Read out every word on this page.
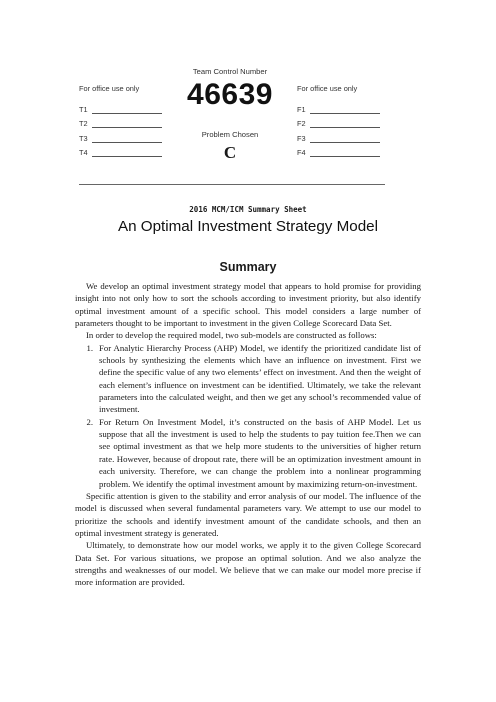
For office use only
T1
T2
T3
T4
Team Control Number
46639
Problem Chosen
C
For office use only
F1
F2
F3
F4
2016 MCM/ICM Summary Sheet
An Optimal Investment Strategy Model
Summary

We develop an optimal investment strategy model that appears to hold promise for providing insight into not only how to sort the schools according to investment priority, but also identify optimal investment amount of a specific school. This model considers a large number of parameters thought to be important to investment in the given College Scorecard Data Set.

In order to develop the required model, two sub-models are constructed as follows:

1. For Analytic Hierarchy Process (AHP) Model, we identify the prioritized candidate list of schools by synthesizing the elements which have an influence on investment. First we define the specific value of any two elements’ effect on investment. And then the weight of each element’s influence on investment can be identified. Ultimately, we take the relevant parameters into the calculated weight, and then we get any school’s recommended value of investment.
2. For Return On Investment Model, it’s constructed on the basis of AHP Model. Let us suppose that all the investment is used to help the students to pay tuition fee.Then we can see optimal investment as that we help more students to the universities of higher return rate. However, because of dropout rate, there will be an optimization investment amount in each university. Therefore, we can change the problem into a nonlinear programming problem. We identify the optimal investment amount by maximizing return-on-investment.

Specific attention is given to the stability and error analysis of our model. The influence of the model is discussed when several fundamental parameters vary. We attempt to use our model to prioritize the schools and identify investment amount of the candidate schools, and then an optimal investment strategy is generated.

Ultimately, to demonstrate how our model works, we apply it to the given College Scorecard Data Set. For various situations, we propose an optimal solution. And we also analyze the strengths and weaknesses of our model. We believe that we can make our model more precise if more information are provided.
